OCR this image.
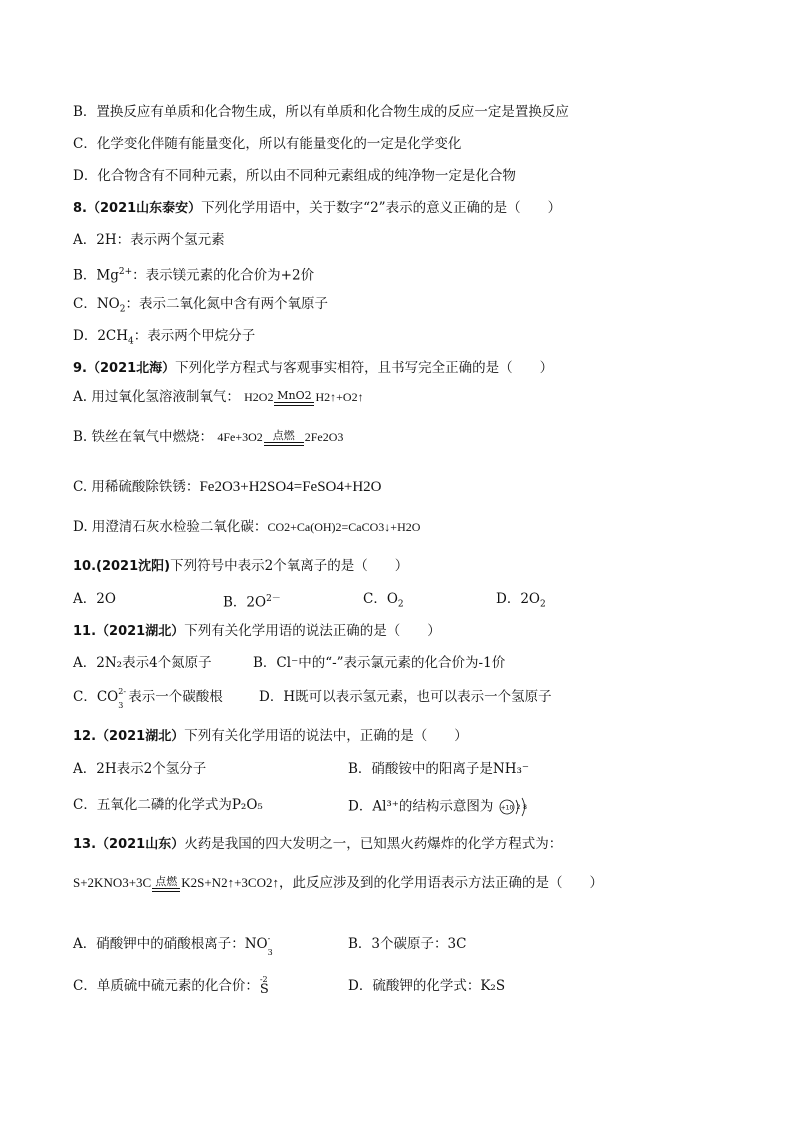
B．置换反应有单质和化合物生成，所以有单质和化合物生成的反应一定是置换反应
C．化学变化伴随有能量变化，所以有能量变化的一定是化学变化
D．化合物含有不同种元素，所以由不同种元素组成的纯净物一定是化合物
8.（2021山东泰安）下列化学用语中，关于数字“2”表示的意义正确的是（　　）
A．2H：表示两个氢元素
B．$Mg^{2+}$：表示镁元素的化合价为+2价
C．$NO_2$：表示二氧化氮中含有两个氧原子
D．$2CH_4$：表示两个甲烷分子
9.（2021北海）下列化学方程式与客观事实相符，且书写完全正确的是（　　）
A. 用过氧化氢溶液制氧气： H2O2 MnO2 H2↑+O2↑
B. 铁丝在氧气中燃烧： 4Fe+3O2 点燃 2Fe2O3
C. 用稀硫酸除铁锈：Fe2O3+H2SO4=FeSO4+H2O
D. 用澄清石灰水检验二氧化碳：CO2+Ca(OH)2=CaCO3↓+H2O
10.(2021沈阳)下列符号中表示2个氧离子的是（　　）
A．2O	B．$2O^{2-}$	C．$O_2$	D．$2O_2$
11.（2021湖北）下列有关化学用语的说法正确的是（　　）
A．2N₂表示4个氮原子	B．Cl⁻中的“-”表示氯元素的化合价为-1价
C．CO 2-
3 表示一个碳酸根	D．H既可以表示氢元素，也可以表示一个氢原子
12.（2021湖北）下列有关化学用语的说法中，正确的是（　　）
A．2H表示2个氢分子	B．硝酸铵中的阳离子是NH₃⁻
C．五氧化二磷的化学式为P₂O₅	D．Al³⁺的结构示意图为 +10 2 8
13.（2021山东）火药是我国的四大发明之一，已知黑火药爆炸的化学方程式为：
S+2KNO3+3C 点燃 K2S+N2↑+3CO2↑，此反应涉及到的化学用语表示方法正确的是（　　）
A．硝酸钾中的硝酸根离子：NO -
3	B．3个碳原子：3C
C．单质硫中硫元素的化合价： -2
S	D．硫酸钾的化学式：K₂S
